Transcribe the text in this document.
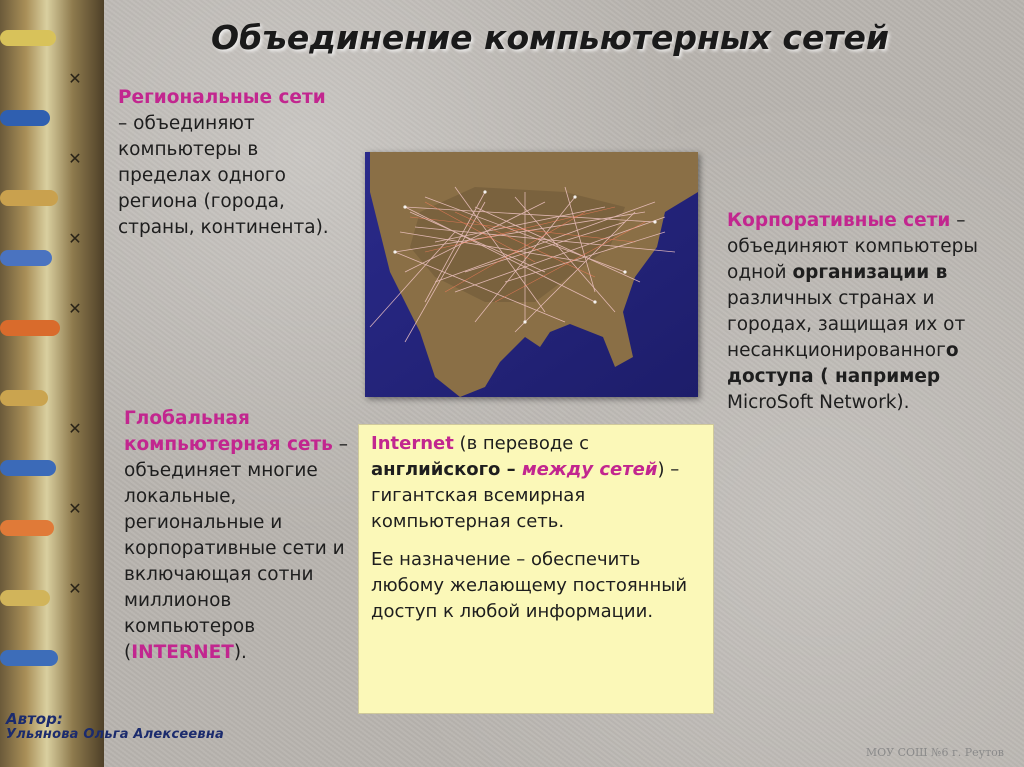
✕
✕
✕
✕
✕
✕
✕
Объединение компьютерных сетей
Региональные сети
– объединяют компьютеры в пределах одного региона (города, страны, континента).	Корпоративные сети – объединяют компьютеры одной организации в различных странах и городах, защищая их от несанкционированного доступа ( например MicroSoft Network).
Глобальная компьютерная сеть – объединяет многие локальные, региональные и корпоративные сети и включающая сотни миллионов компьютеров (INTERNET).

Internet (в переводе с английского – между сетей) – гигантская всемирная компьютерная сеть.

Ее назначение – обеспечить любому желающему постоянный доступ к любой информации.

Автор:
Ульянова Ольга Алексеевна
МОУ СОШ №6 г. Реутов
